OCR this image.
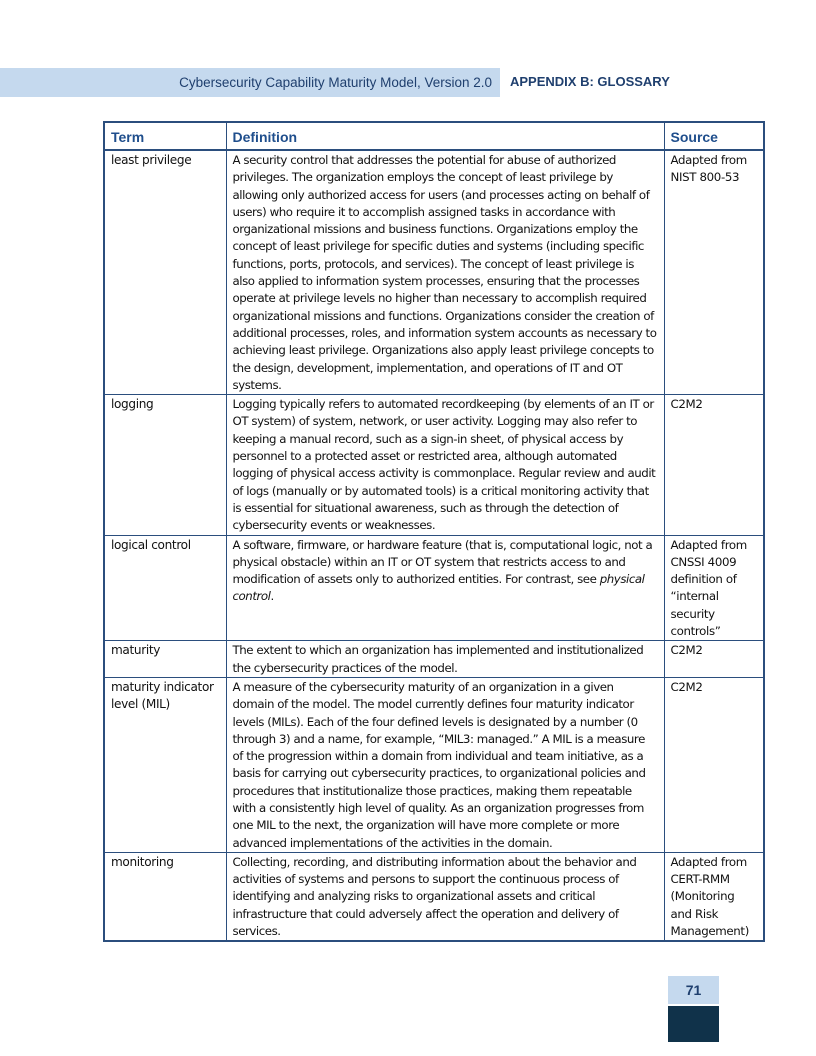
Cybersecurity Capability Maturity Model, Version 2.0 APPENDIX B: GLOSSARY
Term	Definition	Source
least privilege	A security control that addresses the potential for abuse of authorized privileges. The organization employs the concept of least privilege by allowing only authorized access for users (and processes acting on behalf of users) who require it to accomplish assigned tasks in accordance with organizational missions and business functions. Organizations employ the concept of least privilege for specific duties and systems (including specific functions, ports, protocols, and services). The concept of least privilege is also applied to information system processes, ensuring that the processes operate at privilege levels no higher than necessary to accomplish required organizational missions and functions. Organizations consider the creation of additional processes, roles, and information system accounts as necessary to achieving least privilege. Organizations also apply least privilege concepts to the design, development, implementation, and operations of IT and OT systems.	Adapted from NIST 800-53
logging	Logging typically refers to automated recordkeeping (by elements of an IT or OT system) of system, network, or user activity. Logging may also refer to keeping a manual record, such as a sign-in sheet, of physical access by personnel to a protected asset or restricted area, although automated logging of physical access activity is commonplace. Regular review and audit of logs (manually or by automated tools) is a critical monitoring activity that is essential for situational awareness, such as through the detection of cybersecurity events or weaknesses.	C2M2
logical control	A software, firmware, or hardware feature (that is, computational logic, not a physical obstacle) within an IT or OT system that restricts access to and modification of assets only to authorized entities. For contrast, see physical control.	Adapted from CNSSI 4009 definition of “internal security controls”
maturity	The extent to which an organization has implemented and institutionalized the cybersecurity practices of the model.	C2M2
maturity indicator level (MIL)	A measure of the cybersecurity maturity of an organization in a given domain of the model. The model currently defines four maturity indicator levels (MILs). Each of the four defined levels is designated by a number (0 through 3) and a name, for example, “MIL3: managed.” A MIL is a measure of the progression within a domain from individual and team initiative, as a basis for carrying out cybersecurity practices, to organizational policies and procedures that institutionalize those practices, making them repeatable with a consistently high level of quality. As an organization progresses from one MIL to the next, the organization will have more complete or more advanced implementations of the activities in the domain.	C2M2
monitoring	Collecting, recording, and distributing information about the behavior and activities of systems and persons to support the continuous process of identifying and analyzing risks to organizational assets and critical infrastructure that could adversely affect the operation and delivery of services.	Adapted from CERT-RMM (Monitoring and Risk Management)
71
